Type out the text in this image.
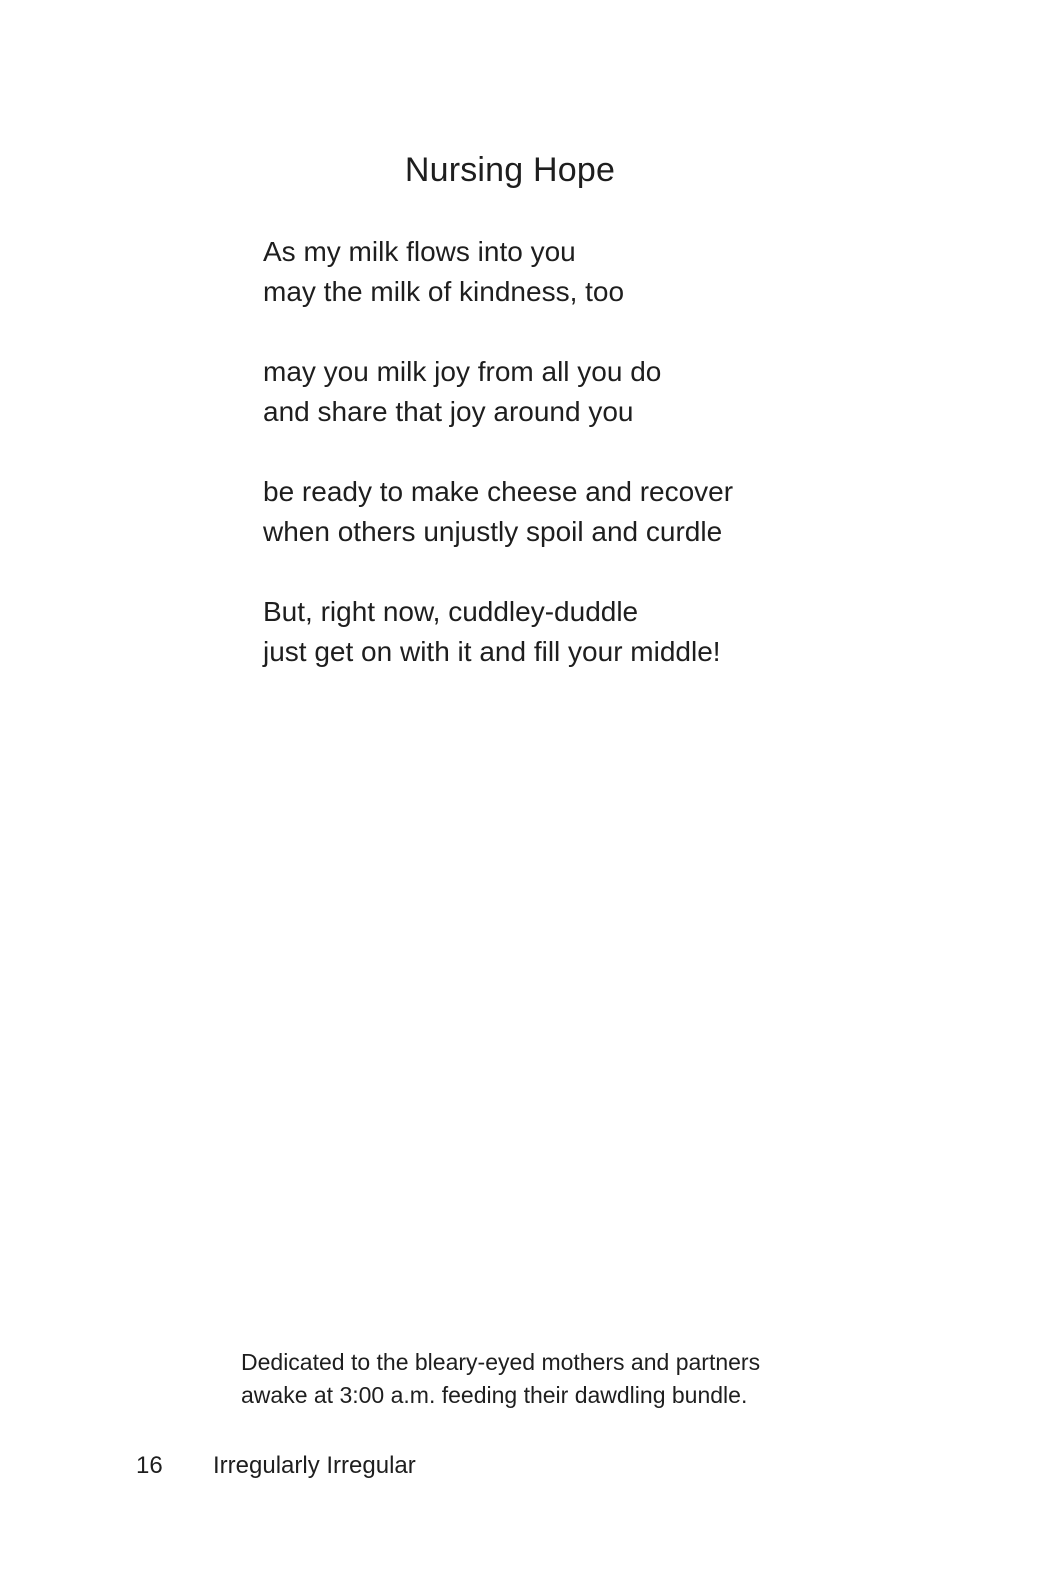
Nursing Hope
As my milk flows into you
may the milk of kindness, too
may you milk joy from all you do
and share that joy around you
be ready to make cheese and recover
when others unjustly spoil and curdle
But, right now, cuddley-duddle
just get on with it and fill your middle!
Dedicated to the bleary-eyed mothers and partners
awake at 3:00 a.m. feeding their dawdling bundle.
16 Irregularly Irregular
